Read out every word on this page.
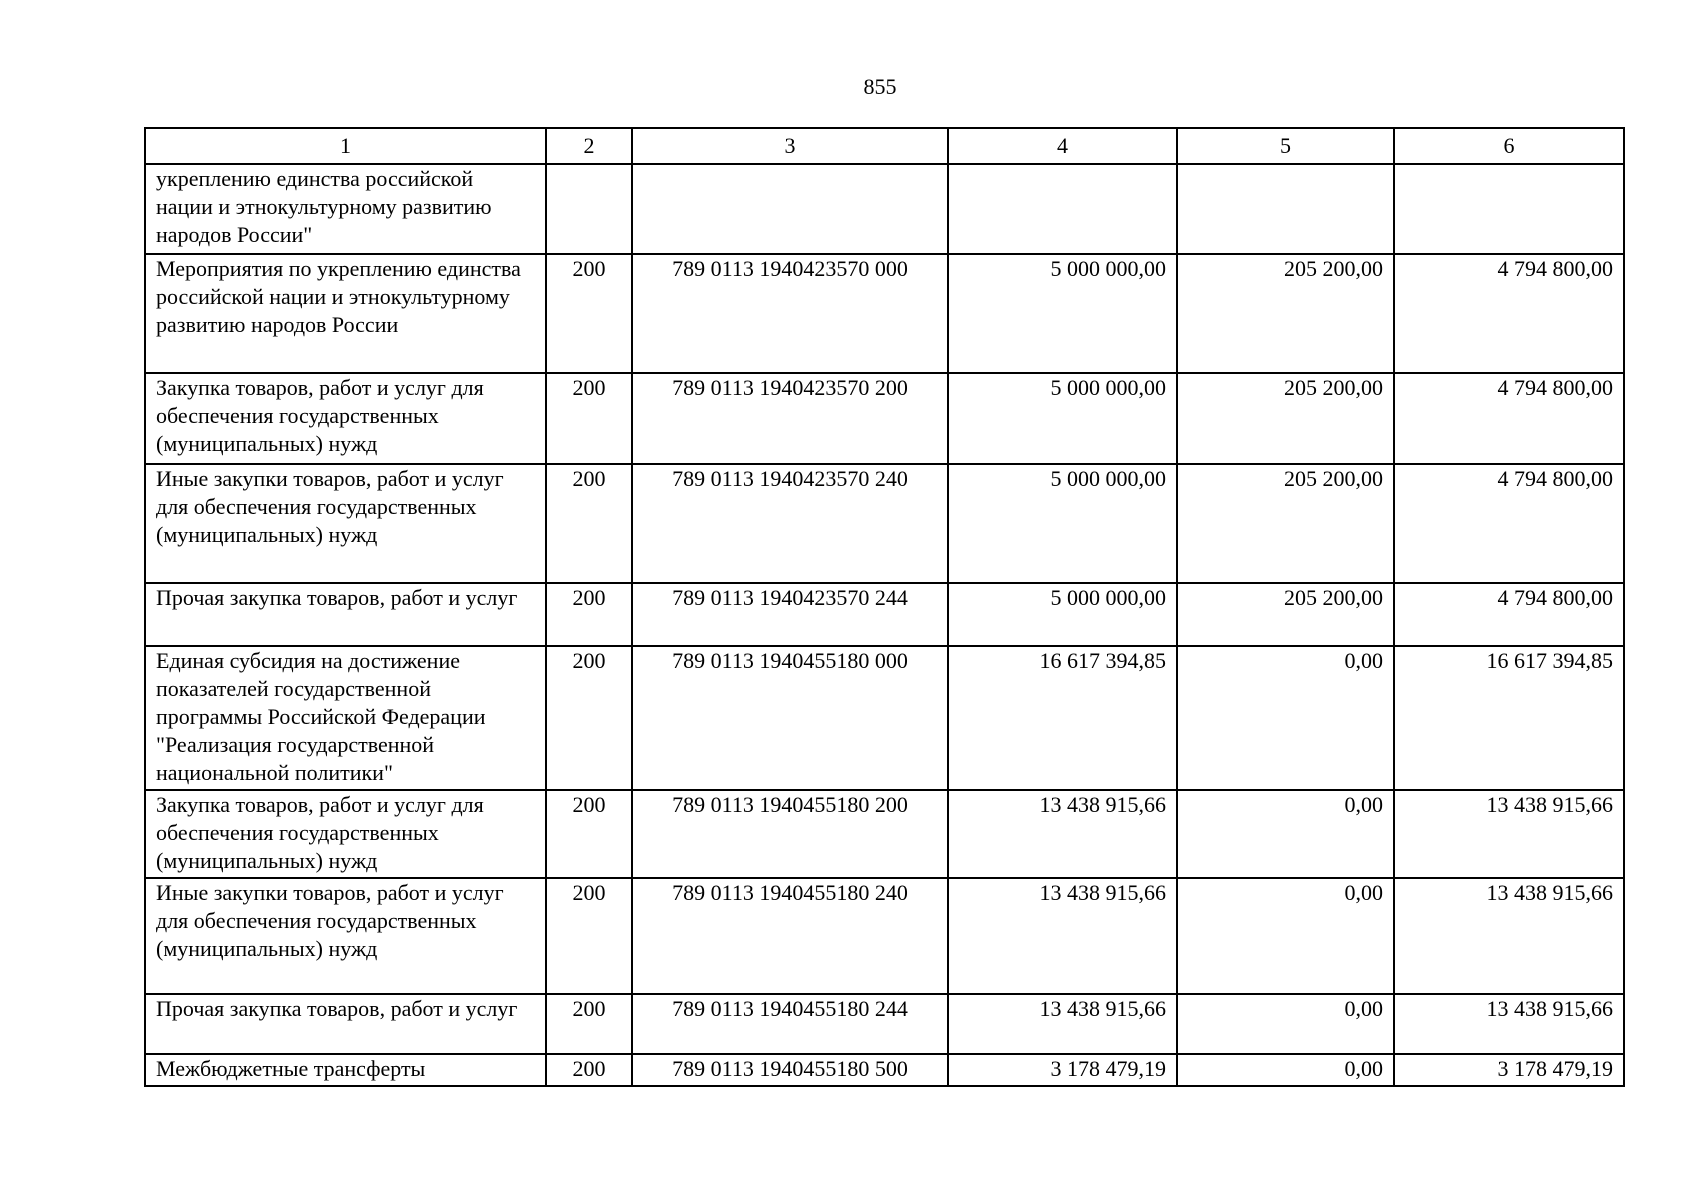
855
1	2	3	4	5	6
укреплению единства российской нации и этнокультурному развитию народов России"					
Мероприятия по укреплению единства российской нации и этнокультурному развитию народов России	200	789 0113 1940423570 000	5 000 000,00	205 200,00	4 794 800,00
Закупка товаров, работ и услуг для обеспечения государственных (муниципальных) нужд	200	789 0113 1940423570 200	5 000 000,00	205 200,00	4 794 800,00
Иные закупки товаров, работ и услуг для обеспечения государственных (муниципальных) нужд	200	789 0113 1940423570 240	5 000 000,00	205 200,00	4 794 800,00
Прочая закупка товаров, работ и услуг	200	789 0113 1940423570 244	5 000 000,00	205 200,00	4 794 800,00
Единая субсидия на достижение показателей государственной программы Российской Федерации "Реализация государственной национальной политики"	200	789 0113 1940455180 000	16 617 394,85	0,00	16 617 394,85
Закупка товаров, работ и услуг для обеспечения государственных (муниципальных) нужд	200	789 0113 1940455180 200	13 438 915,66	0,00	13 438 915,66
Иные закупки товаров, работ и услуг для обеспечения государственных (муниципальных) нужд	200	789 0113 1940455180 240	13 438 915,66	0,00	13 438 915,66
Прочая закупка товаров, работ и услуг	200	789 0113 1940455180 244	13 438 915,66	0,00	13 438 915,66
Межбюджетные трансферты	200	789 0113 1940455180 500	3 178 479,19	0,00	3 178 479,19
